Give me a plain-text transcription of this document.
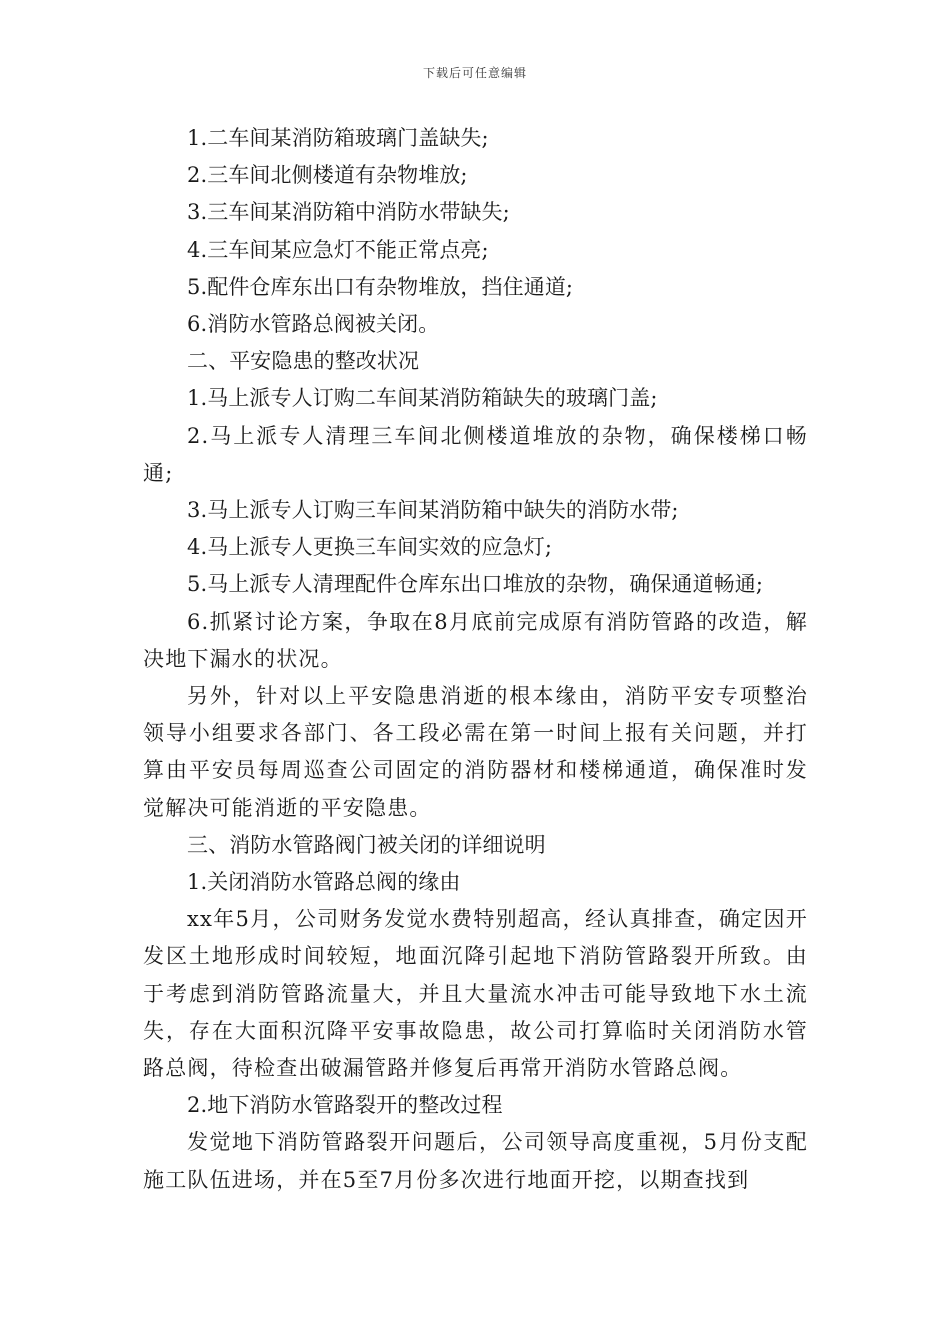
下载后可任意编辑

1.二车间某消防箱玻璃门盖缺失;

2.三车间北侧楼道有杂物堆放;

3.三车间某消防箱中消防水带缺失;

4.三车间某应急灯不能正常点亮;

5.配件仓库东出口有杂物堆放，挡住通道;

6.消防水管路总阀被关闭。

二、平安隐患的整改状况

1.马上派专人订购二车间某消防箱缺失的玻璃门盖;

2.马上派专人清理三车间北侧楼道堆放的杂物，确保楼梯口畅通;

3.马上派专人订购三车间某消防箱中缺失的消防水带;

4.马上派专人更换三车间实效的应急灯;

5.马上派专人清理配件仓库东出口堆放的杂物，确保通道畅通;

6.抓紧讨论方案，争取在8月底前完成原有消防管路的改造，解决地下漏水的状况。

另外，针对以上平安隐患消逝的根本缘由，消防平安专项整治领导小组要求各部门、各工段必需在第一时间上报有关问题，并打算由平安员每周巡查公司固定的消防器材和楼梯通道，确保准时发觉解决可能消逝的平安隐患。

三、消防水管路阀门被关闭的详细说明

1.关闭消防水管路总阀的缘由

xx年5月，公司财务发觉水费特别超高，经认真排查，确定因开发区土地形成时间较短，地面沉降引起地下消防管路裂开所致。由于考虑到消防管路流量大，并且大量流水冲击可能导致地下水土流失，存在大面积沉降平安事故隐患，故公司打算临时关闭消防水管路总阀，待检查出破漏管路并修复后再常开消防水管路总阀。

2.地下消防水管路裂开的整改过程

发觉地下消防管路裂开问题后，公司领导高度重视，5月份支配施工队伍进场，并在5至7月份多次进行地面开挖，以期查找到
